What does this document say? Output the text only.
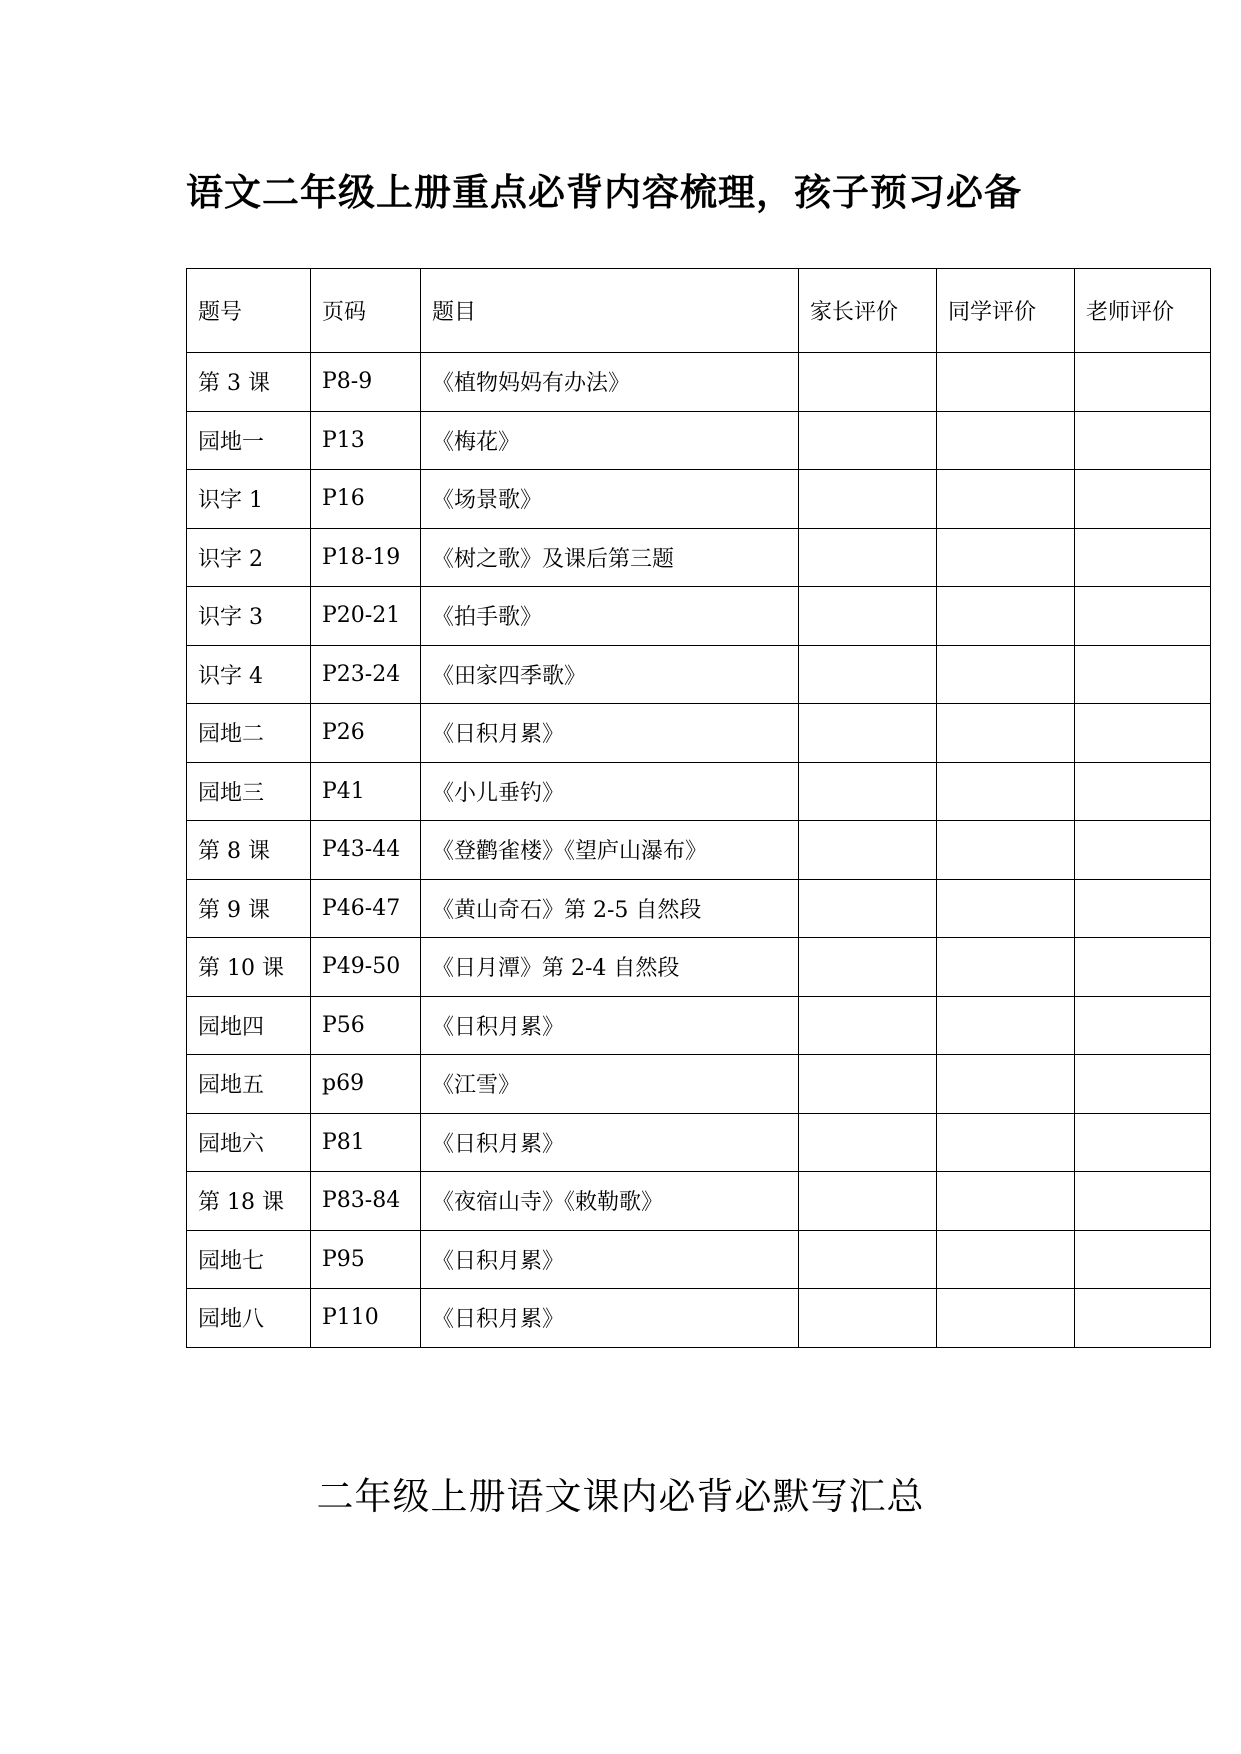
语文二年级上册重点必背内容梳理，孩子预习必备
题号	页码	题目	家长评价	同学评价	老师评价
第 3 课	P8-9	《植物妈妈有办法》			
园地一	P13	《梅花》			
识字 1	P16	《场景歌》			
识字 2	P18-19	《树之歌》及课后第三题			
识字 3	P20-21	《拍手歌》			
识字 4	P23-24	《田家四季歌》			
园地二	P26	《日积月累》			
园地三	P41	《小儿垂钓》			
第 8 课	P43-44	《登鹳雀楼》《望庐山瀑布》			
第 9 课	P46-47	《黄山奇石》第 2-5 自然段			
第 10 课	P49-50	《日月潭》第 2-4 自然段			
园地四	P56	《日积月累》			
园地五	p69	《江雪》			
园地六	P81	《日积月累》			
第 18 课	P83-84	《夜宿山寺》《敕勒歌》			
园地七	P95	《日积月累》			
园地八	P110	《日积月累》			
二年级上册语文课内必背必默写汇总
